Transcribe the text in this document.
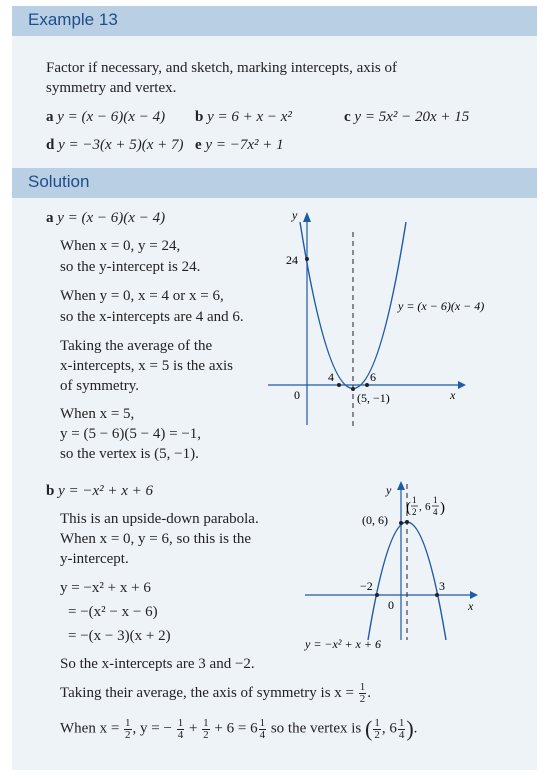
Example 13
Factor if necessary, and sketch, marking intercepts, axis of
symmetry and vertex.
a y = (x − 6)(x − 4) b y = 6 + x − x²	c y = 5x² − 20x + 15
d y = −3(x + 5)(x + 7) e y = −7x² + 1
Solution
a y = (x − 6)(x − 4)
When x = 0, y = 24,
so the y-intercept is 24.
When y = 0, x = 4 or x = 6,
so the x-intercepts are 4 and 6.
Taking the average of the
x-intercepts, x = 5 is the axis
of symmetry.
When x = 5,
y = (5 − 6)(5 − 4) = −1,
so the vertex is (5, −1).
y
x
0
24
4	6
(5, −1)
y = (x − 6)(x − 4)
b y = −x² + x + 6
This is an upside-down parabola.
When x = 0, y = 6, so this is the
y-intercept.
y = −x² + x + 6
= −(x² − x − 6)
= −(x − 3)(x + 2)
So the x-intercepts are 3 and −2.
Taking their average, the axis of symmetry is $x = \frac{1}{2}$ .
When $x = \frac{1}{2}$ , y = − $\frac{1}{4} + \frac{1}{2} + 6 = 6 \frac{1}{4}$ so the vertex is ( $\frac{1}{2}$ , $6 \frac{1}{4}$ ).
y
x
0
(0, 6)
−2	3
( 1
2 , 6
1
4 )
y = −x² + x + 6
